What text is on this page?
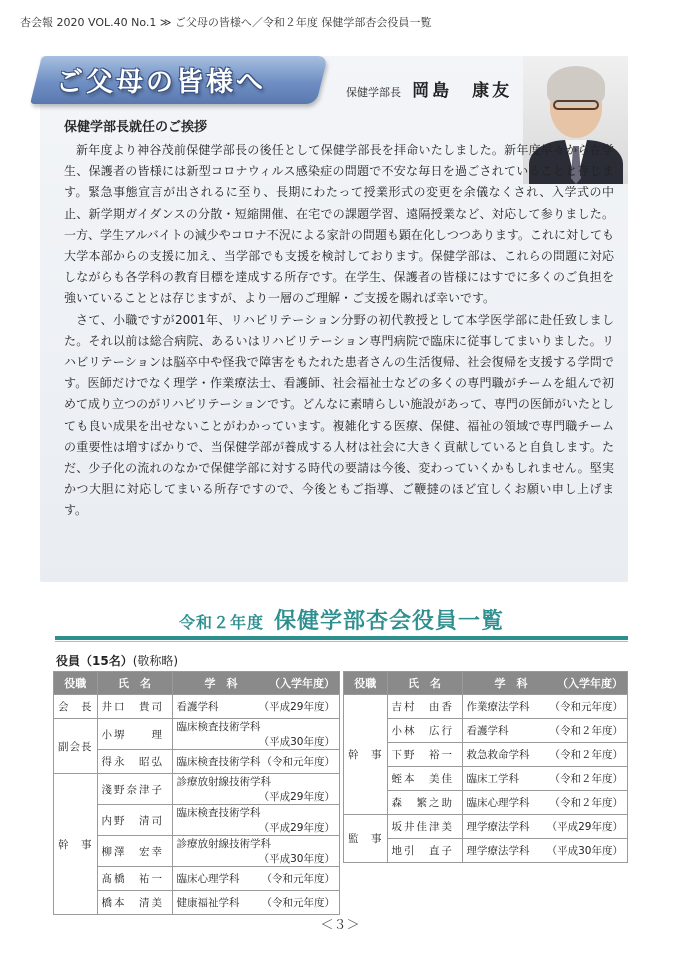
杏会報 2020 VOL.40 No.1 ≫ ご父母の皆様へ／令和２年度 保健学部杏会役員一覧
ご父母の皆様へ	保健学部長 岡島　康友
保健学部長就任のご挨拶

新年度より神谷茂前保健学部長の後任として保健学部長を拝命いたしました。新年度早々から在学生、保護者の皆様には新型コロナウィルス感染症の問題で不安な毎日を過ごされていることと存じます。緊急事態宣言が出されるに至り、長期にわたって授業形式の変更を余儀なくされ、入学式の中止、新学期ガイダンスの分散・短縮開催、在宅での課題学習、遠隔授業など、対応して参りました。一方、学生アルバイトの減少やコロナ不況による家計の問題も顕在化しつつあります。これに対しても大学本部からの支援に加え、当学部でも支援を検討しております。保健学部は、これらの問題に対応しながらも各学科の教育目標を達成する所存です。在学生、保護者の皆様にはすでに多くのご負担を強いていることとは存じますが、より一層のご理解・ご支援を賜れば幸いです。

さて、小職ですが2001年、リハビリテーション分野の初代教授として本学医学部に赴任致しました。それ以前は総合病院、あるいはリハビリテーション専門病院で臨床に従事してまいりました。リハビリテーションは脳卒中や怪我で障害をもたれた患者さんの生活復帰、社会復帰を支援する学問です。医師だけでなく理学・作業療法士、看護師、社会福祉士などの多くの専門職がチームを組んで初めて成り立つのがリハビリテーションです。どんなに素晴らしい施設があって、専門の医師がいたとしても良い成果を出せないことがわかっています。複雑化する医療、保健、福祉の領域で専門職チームの重要性は増すばかりで、当保健学部が養成する人材は社会に大きく貢献していると自負します。ただ、少子化の流れのなかで保健学部に対する時代の要請は今後、変わっていくかもしれません。堅実かつ大胆に対応してまいる所存ですので、今後ともご指導、ご鞭撻のほど宜しくお願い申し上げます。

令和２年度 保健学部杏会役員一覧
役員（15名）(敬称略)
役職	氏　名	学　科 （入学年度）

会　長	井口　貴司	看護学科 （平成29年度）

副会長	小堺　　理	臨床検査技術学科
（平成30年度）

	得永　昭弘	臨床検査技術学科 （令和元年度）

幹　事	淺野奈津子	診療放射線技術学科
（平成29年度）

	内野　清司	臨床検査技術学科
（平成29年度）

	柳澤　宏幸	診療放射線技術学科
（平成30年度）

	髙橋　祐一	臨床心理学科 （令和元年度）

	橋本　清美	健康福祉学科 （令和元年度）
役職	氏　名	学　科 （入学年度）

幹　事	吉村　由香	作業療法学科 （令和元年度）

	小林　広行	看護学科 （令和２年度）

	下野　裕一	救急救命学科 （令和２年度）

	蛭本　美佳	臨床工学科 （令和２年度）

	森　繁之助	臨床心理学科 （令和２年度）

監　事	坂井佳津美	理学療法学科 （平成29年度）

	地引　直子	理学療法学科 （平成30年度）
＜３＞
